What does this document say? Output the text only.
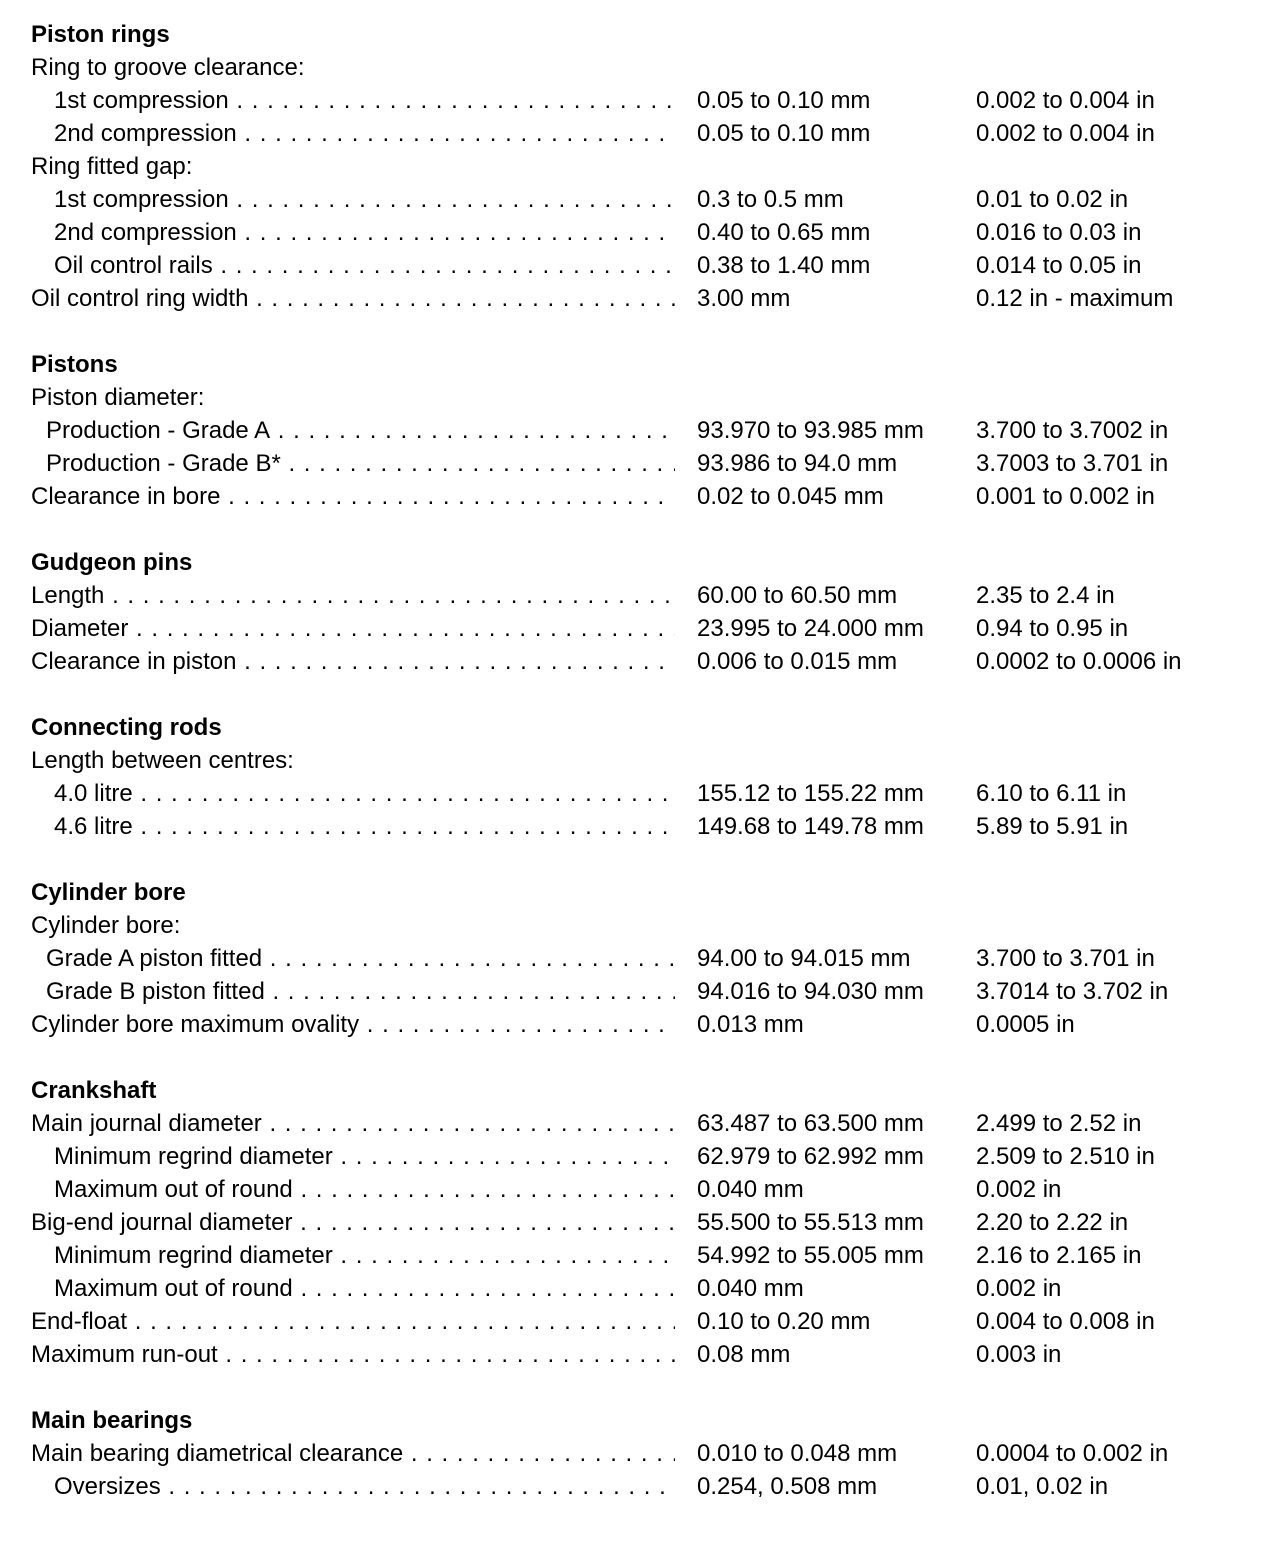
Piston rings
Ring to groove clearance:
1st compression . . .	0.05 to 0.10 mm	0.002 to 0.004 in
2nd compression . . .	0.05 to 0.10 mm	0.002 to 0.004 in
Ring fitted gap:
1st compression . . .	0.3 to 0.5 mm	0.01 to 0.02 in
2nd compression . . .	0.40 to 0.65 mm	0.016 to 0.03 in
Oil control rails . . .	0.38 to 1.40 mm	0.014 to 0.05 in
Oil control ring width . . .	3.00 mm	0.12 in - maximum
Pistons
Piston diameter:
Production - Grade A . . .	93.970 to 93.985 mm 3.700 to 3.7002 in
Production - Grade B* . . .	93.986 to 94.0 mm	3.7003 to 3.701 in
Clearance in bore . . .	0.02 to 0.045 mm	0.001 to 0.002 in
Gudgeon pins
Length . . .	60.00 to 60.50 mm	2.35 to 2.4 in
Diameter . . .	23.995 to 24.000 mm 0.94 to 0.95 in
Clearance in piston . . .	0.006 to 0.015 mm	0.0002 to 0.0006 in
Connecting rods
Length between centres:
4.0 litre . . .	155.12 to 155.22 mm 6.10 to 6.11 in
4.6 litre . . .	149.68 to 149.78 mm 5.89 to 5.91 in
Cylinder bore
Cylinder bore:
Grade A piston fitted . . .	94.00 to 94.015 mm	3.700 to 3.701 in
Grade B piston fitted . . .	94.016 to 94.030 mm 3.7014 to 3.702 in
Cylinder bore maximum ovality . . .	0.013 mm	0.0005 in
Crankshaft
Main journal diameter . . .	63.487 to 63.500 mm 2.499 to 2.52 in
Minimum regrind diameter . . .	62.979 to 62.992 mm 2.509 to 2.510 in
Maximum out of round . . .	0.040 mm	0.002 in
Big-end journal diameter . . .	55.500 to 55.513 mm 2.20 to 2.22 in
Minimum regrind diameter . . .	54.992 to 55.005 mm 2.16 to 2.165 in
Maximum out of round . . .	0.040 mm	0.002 in
End-float . . .	0.10 to 0.20 mm	0.004 to 0.008 in
Maximum run-out . . .	0.08 mm	0.003 in
Main bearings
Main bearing diametrical clearance . . .	0.010 to 0.048 mm	0.0004 to 0.002 in
Oversizes . . .	0.254, 0.508 mm	0.01, 0.02 in
